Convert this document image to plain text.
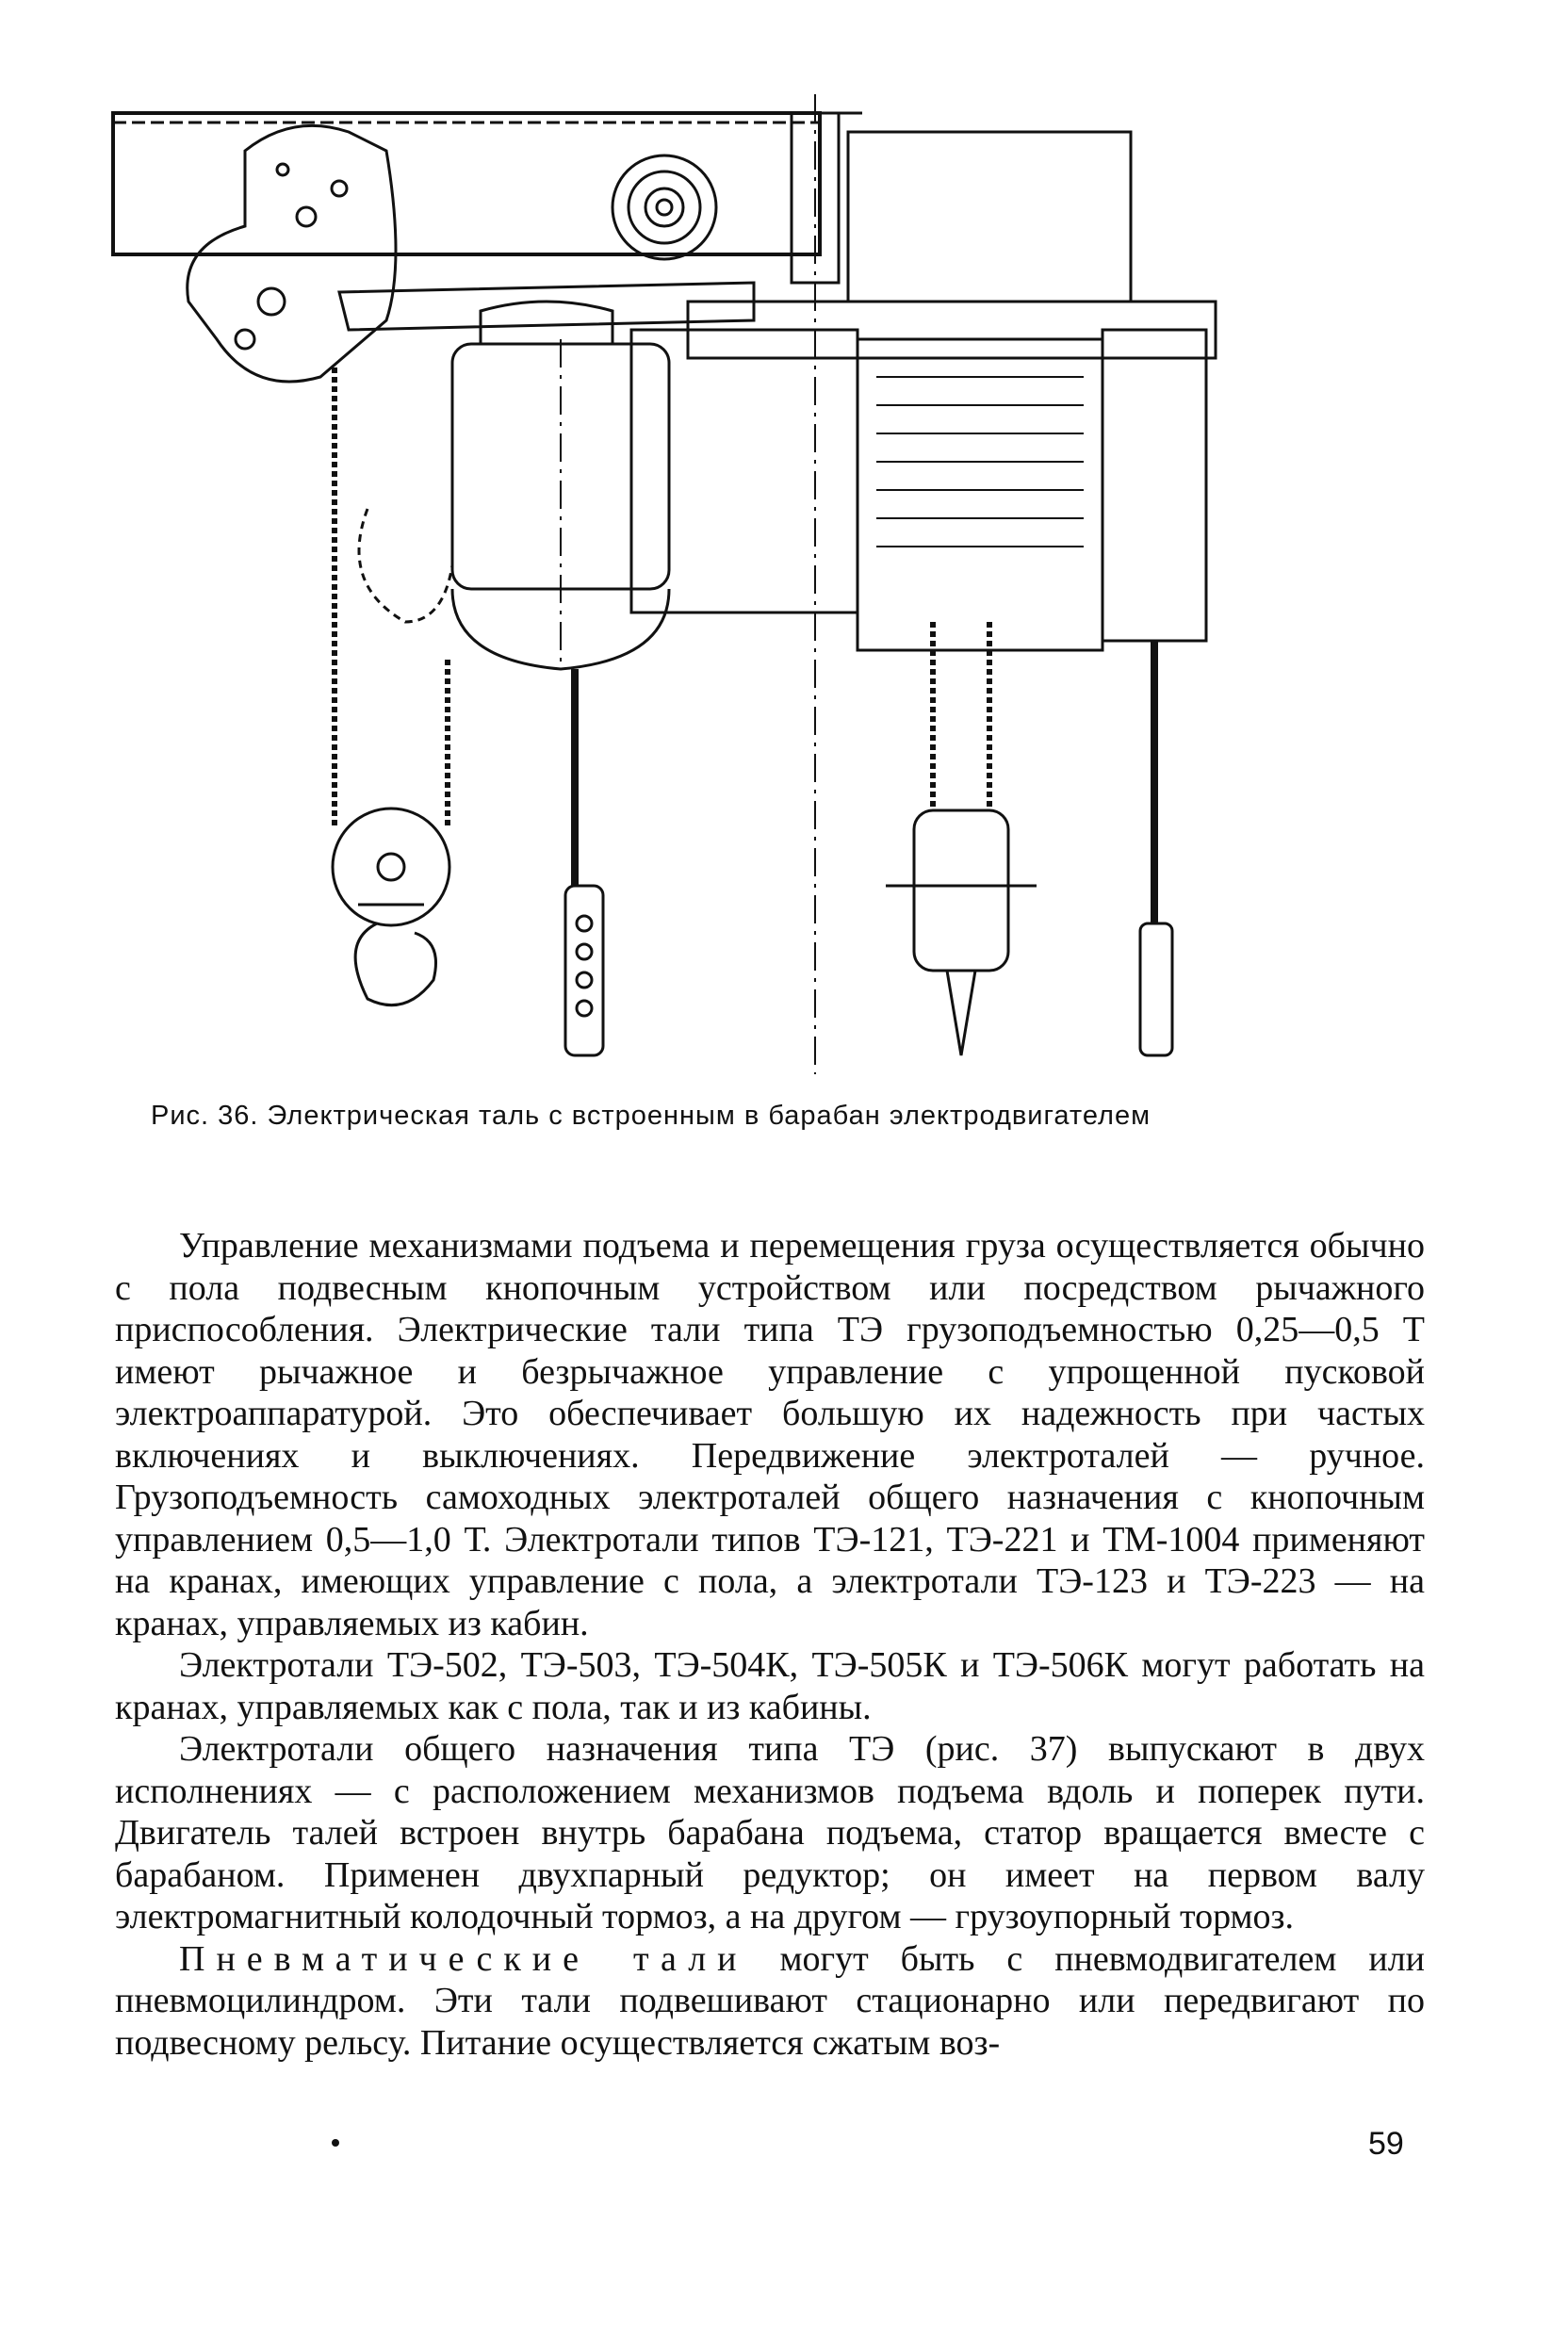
Рис. 36. Электрическая таль с встроенным в барабан электродвигателем

Управление механизмами подъема и перемещения груза осуществляется обычно с пола подвесным кнопочным устройством или посредством рычажного приспособления. Электрические тали типа ТЭ грузоподъемностью 0,25—0,5 Т имеют рычажное и безрычажное управление с упрощенной пусковой электроаппаратурой. Это обеспечивает большую их надежность при частых включениях и выключениях. Передвижение электроталей — ручное. Грузоподъемность самоходных электроталей общего назначения с кнопочным управлением 0,5—1,0 Т. Электротали типов ТЭ-121, ТЭ-221 и ТМ-1004 применяют на кранах, имеющих управление с пола, а электротали ТЭ-123 и ТЭ-223 — на кранах, управляемых из кабин.

Электротали ТЭ-502, ТЭ-503, ТЭ-504К, ТЭ-505К и ТЭ-506К могут работать на кранах, управляемых как с пола, так и из кабины.

Электротали общего назначения типа ТЭ (рис. 37) выпускают в двух исполнениях — с расположением механизмов подъема вдоль и поперек пути. Двигатель талей встроен внутрь барабана подъема, статор вращается вместе с барабаном. Применен двухпарный редуктор; он имеет на первом валу электромагнитный колодочный тормоз, а на другом — грузоупорный тормоз.

Пневматические тали могут быть с пневмодвигателем или пневмоцилиндром. Эти тали подвешивают стационарно или передвигают по подвесному рельсу. Питание осуществляется сжатым воз-

59
